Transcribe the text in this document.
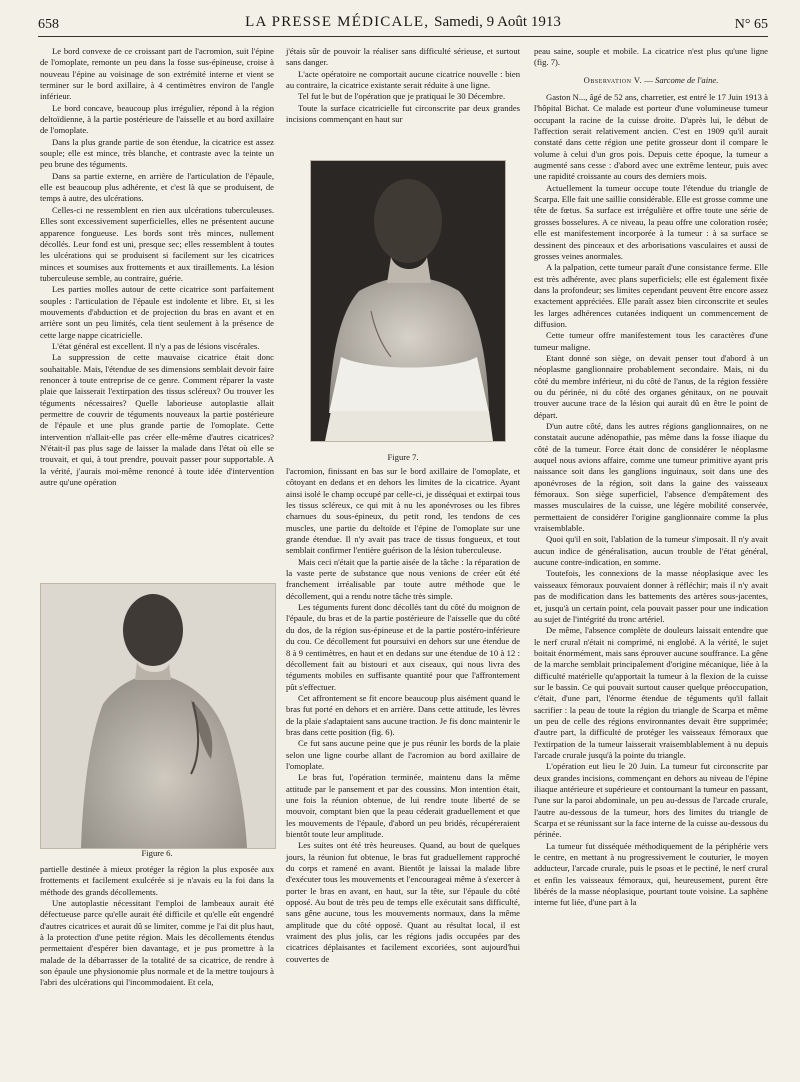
658	LA PRESSE MÉDICALE, Samedi, 9 Août 1913	N° 65

Le bord convexe de ce croissant part de l'acromion, suit l'épine de l'omoplate, remonte un peu dans la fosse sus-épineuse, croise à nouveau l'épine au voisinage de son extrémité interne et vient se terminer sur le bord axillaire, à 4 centimètres environ de l'angle inférieur.

Le bord concave, beaucoup plus irrégulier, répond à la région deltoïdienne, à la partie postérieure de l'aisselle et au bord axillaire de l'omoplate.

Dans la plus grande partie de son étendue, la cicatrice est assez souple; elle est mince, très blanche, et contraste avec la teinte un peu brune des téguments.

Dans sa partie externe, en arrière de l'articulation de l'épaule, elle est beaucoup plus adhérente, et c'est là que se produisent, de temps à autre, des ulcérations.

Celles-ci ne ressemblent en rien aux ulcérations tuberculeuses. Elles sont excessivement superficielles, elles ne présentent aucune apparence fongueuse. Les bords sont très minces, nullement décollés. Leur fond est uni, presque sec; elles ressemblent à toutes les ulcérations qui se produisent si facilement sur les cicatrices minces et soumises aux frottements et aux tiraillements. La lésion tuberculeuse semble, au contraire, guérie.

Les parties molles autour de cette cicatrice sont parfaitement souples : l'articulation de l'épaule est indolente et libre. Et, si les mouvements d'abduction et de projection du bras en avant et en arrière sont un peu limités, cela tient seulement à la présence de cette large nappe cicatricielle.

L'état général est excellent. Il n'y a pas de lésions viscérales.

La suppression de cette mauvaise cicatrice était donc souhaitable. Mais, l'étendue de ses dimensions semblait devoir faire renoncer à toute entreprise de ce genre. Comment réparer la vaste plaie que laisserait l'extirpation des tissus scléreux? Ou trouver les téguments nécessaires? Quelle laborieuse autoplastie allait permettre de couvrir de téguments nouveaux la partie postérieure de l'épaule et une plus grande partie de l'omoplate. Cette intervention n'allait-elle pas créer elle-même d'autres cicatrices? N'était-il pas plus sage de laisser la malade dans l'état où elle se trouvait, et qui, à tout prendre, pouvait passer pour supportable. A la vérité, j'aurais moi-même renoncé à toute idée d'intervention autre qu'une opération

Figure 6.

partielle destinée à mieux protéger la région la plus exposée aux frottements et facilement exulcérée si je n'avais eu la foi dans la méthode des grands décollements.

Une autoplastie nécessitant l'emploi de lambeaux aurait été défectueuse parce qu'elle aurait été difficile et qu'elle eût engendré d'autres cicatrices et aurait dû se limiter, comme je l'ai dit plus haut, à la protection d'une petite région. Mais les décollements étendus permettaient d'espérer bien davantage, et je pus promettre à la malade de la débarrasser de la totalité de sa cicatrice, de rendre à son épaule une physionomie plus normale et de la mettre toujours à l'abri des ulcérations qui l'incommodaient. Et cela,

j'étais sûr de pouvoir la réaliser sans difficulté sérieuse, et surtout sans danger.

L'acte opératoire ne comportait aucune cicatrice nouvelle : bien au contraire, la cicatrice existante serait réduite à une ligne.

Tel fut le but de l'opération que je pratiquai le 30 Décembre.

Toute la surface cicatricielle fut circonscrite par deux grandes incisions commençant en haut sur

Figure 7.

l'acromion, finissant en bas sur le bord axillaire de l'omoplate, et côtoyant en dedans et en dehors les limites de la cicatrice. Ayant ainsi isolé le champ occupé par celle-ci, je disséquai et extirpai tous les tissus scléreux, ce qui mit à nu les aponévroses ou les fibres charnues du sous-épineux, du petit rond, les tendons de ces muscles, une partie du deltoïde et l'épine de l'omoplate sur une grande étendue. Il n'y avait pas trace de tissus fongueux, et tout semblait confirmer l'entière guérison de la lésion tuberculeuse.

Mais ceci n'était que la partie aisée de la tâche : la réparation de la vaste perte de substance que nous venions de créer eût été franchement irréalisable par toute autre méthode que le décollement, qui a rendu notre tâche très simple.

Les téguments furent donc décollés tant du côté du moignon de l'épaule, du bras et de la partie postérieure de l'aisselle que du côté du dos, de la région sus-épineuse et de la partie postéro-inférieure du cou. Ce décollement fut poursuivi en dehors sur une étendue de 8 à 9 centimètres, en haut et en dedans sur une étendue de 10 à 12 : décollement fait au bistouri et aux ciseaux, qui nous livra des téguments mobiles en suffisante quantité pour que l'affrontement pût s'effectuer.

Cet affrontement se fit encore beaucoup plus aisément quand le bras fut porté en dehors et en arrière. Dans cette attitude, les lèvres de la plaie s'adaptaient sans aucune traction. Je fis donc maintenir le bras dans cette position (fig. 6).

Ce fut sans aucune peine que je pus réunir les bords de la plaie selon une ligne courbe allant de l'acromion au bord axillaire de l'omoplate.

Le bras fut, l'opération terminée, maintenu dans la même attitude par le pansement et par des coussins. Mon intention était, une fois la réunion obtenue, de lui rendre toute liberté de se mouvoir, comptant bien que la peau céderait graduellement et que les mouvements de l'épaule, d'abord un peu bridés, récupéreraient bientôt toute leur amplitude.

Les suites ont été très heureuses. Quand, au bout de quelques jours, la réunion fut obtenue, le bras fut graduellement rapproché du corps et ramené en avant. Bientôt je laissai la malade libre d'exécuter tous les mouvements et l'encourageai même à s'exercer à porter le bras en avant, en haut, sur la tête, sur l'épaule du côté opposé. Au bout de très peu de temps elle exécutait sans difficulté, sans gêne aucune, tous les mouvements normaux, dans la même amplitude que du côté opposé. Quant au résultat local, il est vraiment des plus jolis, car les régions jadis occupées par des cicatrices déplaisantes et facilement excoriées, sont aujourd'hui couvertes de

peau saine, souple et mobile. La cicatrice n'est plus qu'une ligne (fig. 7).

Observation V. — Sarcome de l'aine.

Gaston N..., âgé de 52 ans, charretier, est entré le 17 Juin 1913 à l'hôpital Bichat. Ce malade est porteur d'une volumineuse tumeur occupant la racine de la cuisse droite. D'après lui, le début de l'affection serait relativement ancien. C'est en 1909 qu'il aurait constaté dans cette région une petite grosseur dont il compare le volume à celui d'un gros pois. Depuis cette époque, la tumeur a augmenté sans cesse : d'abord avec une extrême lenteur, puis avec une rapidité croissante au cours des derniers mois.

Actuellement la tumeur occupe toute l'étendue du triangle de Scarpa. Elle fait une saillie considérable. Elle est grosse comme une tête de fœtus. Sa surface est irrégulière et offre toute une série de grosses bosselures. A ce niveau, la peau offre une coloration rosée; elle est manifestement incorporée à la tumeur : à sa surface se dessinent des pinceaux et des arborisations vasculaires et aussi de grosses veines anormales.

A la palpation, cette tumeur paraît d'une consistance ferme. Elle est très adhérente, avec plans superficiels; elle est également fixée dans la profondeur; ses limites cependant peuvent être encore assez exactement appréciées. Elle paraît assez bien circonscrite et seules les larges adhérences cutanées indiquent un commencement de diffusion.

Cette tumeur offre manifestement tous les caractères d'une tumeur maligne.

Etant donné son siège, on devait penser tout d'abord à un néoplasme ganglionnaire probablement secondaire. Mais, ni du côté du membre inférieur, ni du côté de l'anus, de la région fessière ou du périnée, ni du côté des organes génitaux, on ne pouvait trouver aucune trace de la lésion qui aurait dû en être le point de départ.

D'un autre côté, dans les autres régions ganglionnaires, on ne constatait aucune adénopathie, pas même dans la fosse iliaque du côté de la tumeur. Force était donc de considérer le néoplasme auquel nous avions affaire, comme une tumeur primitive ayant pris naissance soit dans les ganglions inguinaux, soit dans une des aponévroses de la région, soit dans la gaine des vaisseaux fémoraux. Son siège superficiel, l'absence d'empâtement des masses musculaires de la cuisse, une légère mobilité conservée, permettaient de considérer l'origine ganglionnaire comme la plus vraisemblable.

Quoi qu'il en soit, l'ablation de la tumeur s'imposait. Il n'y avait aucun indice de généralisation, aucun trouble de l'état général, aucune contre-indication, en somme.

Toutefois, les connexions de la masse néoplasique avec les vaisseaux fémoraux pouvaient donner à réfléchir; mais il n'y avait pas de modification dans les battements des artères sous-jacentes, et, jusqu'à un certain point, cela pouvait passer pour une indication au sujet de l'intégrité du tronc artériel.

De même, l'absence complète de douleurs laissait entendre que le nerf crural n'était ni comprimé, ni englobé. A la vérité, le sujet boitait énormément, mais sans éprouver aucune souffrance. La gêne de la marche semblait principalement d'origine mécanique, liée à la difficulté matérielle qu'apportait la tumeur à la flexion de la cuisse sur le bassin. Ce qui pouvait surtout causer quelque préoccupation, c'était, d'une part, l'énorme étendue de téguments qu'il fallait sacrifier : la peau de toute la région du triangle de Scarpa et même un peu de celle des régions environnantes devait être supprimée; d'autre part, la difficulté de protéger les vaisseaux fémoraux que l'extirpation de la tumeur laisserait vraisemblablement à nu depuis l'arcade crurale jusqu'à la pointe du triangle.

L'opération eut lieu le 20 Juin. La tumeur fut circonscrite par deux grandes incisions, commençant en dehors au niveau de l'épine iliaque antérieure et supérieure et contournant la tumeur en passant, l'une sur la paroi abdominale, un peu au-dessus de l'arcade crurale, l'autre au-dessous de la tumeur, hors des limites du triangle de Scarpa et se réunissant sur la face interne de la cuisse au-dessous du périnée.

La tumeur fut disséquée méthodiquement de la périphérie vers le centre, en mettant à nu progressivement le couturier, le moyen adducteur, l'arcade crurale, puis le psoas et le pectiné, le nerf crural et enfin les vaisseaux fémoraux, qui, heureusement, purent être libérés de la masse néoplasique, pourtant toute voisine. La saphène interne fut liée, d'une part à la
